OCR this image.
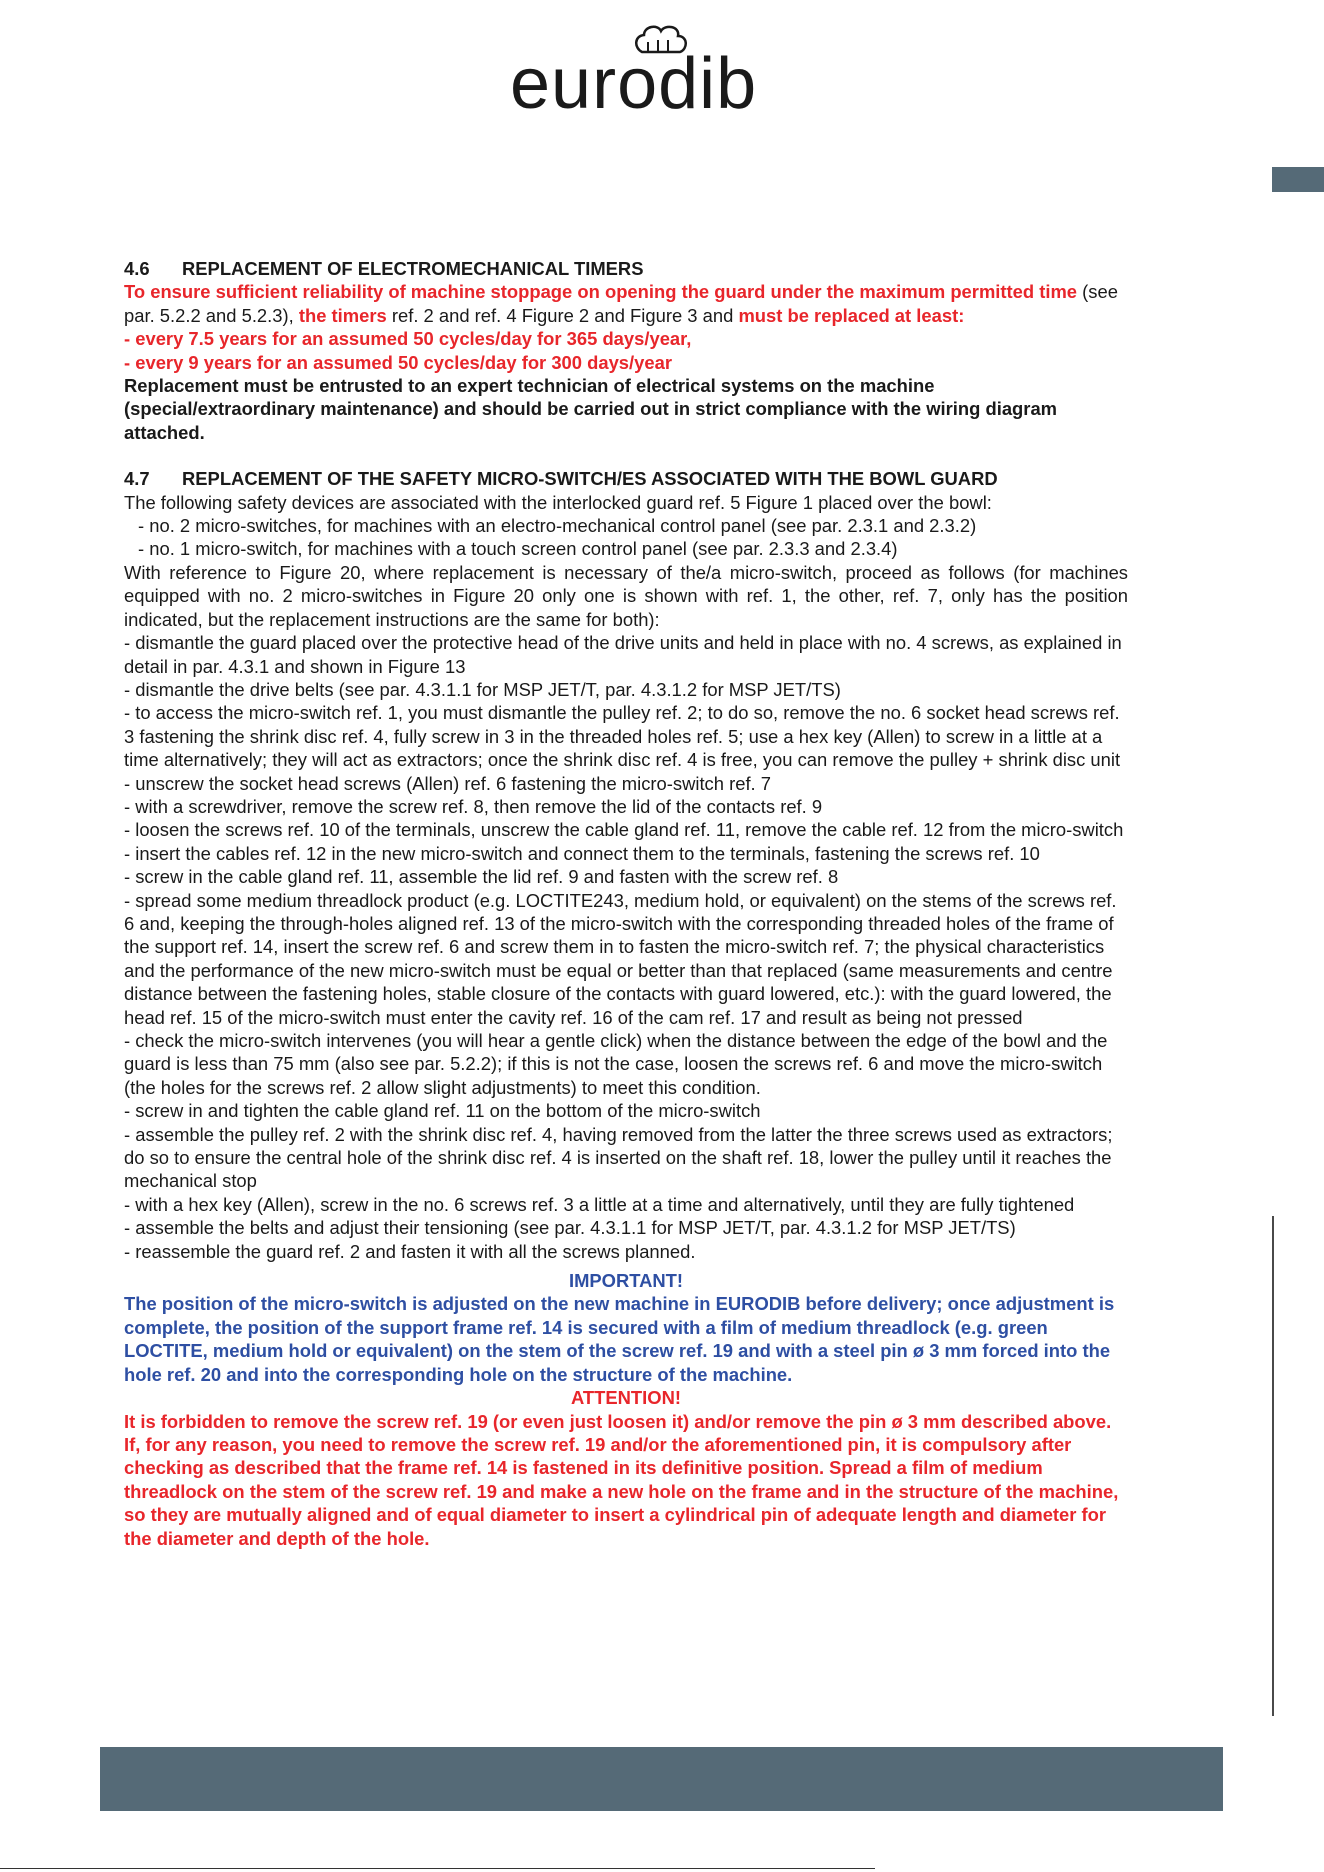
eurodib

4.6 REPLACEMENT OF ELECTROMECHANICAL TIMERS

To ensure sufficient reliability of machine stoppage on opening the guard under the maximum permitted time (see par. 5.2.2 and 5.2.3), the timers ref. 2 and ref. 4 Figure 2 and Figure 3 and must be replaced at least:

- every 7.5 years for an assumed 50 cycles/day for 365 days/year,

- every 9 years for an assumed 50 cycles/day for 300 days/year

Replacement must be entrusted to an expert technician of electrical systems on the machine (special/extraordinary maintenance) and should be carried out in strict compliance with the wiring diagram attached.

4.7 REPLACEMENT OF THE SAFETY MICRO-SWITCH/ES ASSOCIATED WITH THE BOWL GUARD

The following safety devices are associated with the interlocked guard ref. 5 Figure 1 placed over the bowl:

- no. 2 micro-switches, for machines with an electro-mechanical control panel (see par. 2.3.1 and 2.3.2)

- no. 1 micro-switch, for machines with a touch screen control panel (see par. 2.3.3 and 2.3.4)

With reference to Figure 20, where replacement is necessary of the/a micro-switch, proceed as follows (for machines equipped with no. 2 micro-switches in Figure 20 only one is shown with ref. 1, the other, ref. 7, only has the position indicated, but the replacement instructions are the same for both):

- dismantle the guard placed over the protective head of the drive units and held in place with no. 4 screws, as explained in detail in par. 4.3.1 and shown in Figure 13

- dismantle the drive belts (see par. 4.3.1.1 for MSP JET/T, par. 4.3.1.2 for MSP JET/TS)

- to access the micro-switch ref. 1, you must dismantle the pulley ref. 2; to do so, remove the no. 6 socket head screws ref. 3 fastening the shrink disc ref. 4, fully screw in 3 in the threaded holes ref. 5; use a hex key (Allen) to screw in a little at a time alternatively; they will act as extractors; once the shrink disc ref. 4 is free, you can remove the pulley + shrink disc unit

- unscrew the socket head screws (Allen) ref. 6 fastening the micro-switch ref. 7

- with a screwdriver, remove the screw ref. 8, then remove the lid of the contacts ref. 9

- loosen the screws ref. 10 of the terminals, unscrew the cable gland ref. 11, remove the cable ref. 12 from the micro-switch

- insert the cables ref. 12 in the new micro-switch and connect them to the terminals, fastening the screws ref. 10

- screw in the cable gland ref. 11, assemble the lid ref. 9 and fasten with the screw ref. 8

- spread some medium threadlock product (e.g. LOCTITE243, medium hold, or equivalent) on the stems of the screws ref. 6 and, keeping the through-holes aligned ref. 13 of the micro-switch with the corresponding threaded holes of the frame of the support ref. 14, insert the screw ref. 6 and screw them in to fasten the micro-switch ref. 7; the physical characteristics and the performance of the new micro-switch must be equal or better than that replaced (same measurements and centre distance between the fastening holes, stable closure of the contacts with guard lowered, etc.): with the guard lowered, the head ref. 15 of the micro-switch must enter the cavity ref. 16 of the cam ref. 17 and result as being not pressed

- check the micro-switch intervenes (you will hear a gentle click) when the distance between the edge of the bowl and the guard is less than 75 mm (also see par. 5.2.2); if this is not the case, loosen the screws ref. 6 and move the micro-switch (the holes for the screws ref. 2 allow slight adjustments) to meet this condition.

- screw in and tighten the cable gland ref. 11 on the bottom of the micro-switch

- assemble the pulley ref. 2 with the shrink disc ref. 4, having removed from the latter the three screws used as extractors; do so to ensure the central hole of the shrink disc ref. 4 is inserted on the shaft ref. 18, lower the pulley until it reaches the mechanical stop

- with a hex key (Allen), screw in the no. 6 screws ref. 3 a little at a time and alternatively, until they are fully tightened

- assemble the belts and adjust their tensioning (see par. 4.3.1.1 for MSP JET/T, par. 4.3.1.2 for MSP JET/TS)

- reassemble the guard ref. 2 and fasten it with all the screws planned.

IMPORTANT!

The position of the micro-switch is adjusted on the new machine in EURODIB before delivery; once adjustment is complete, the position of the support frame ref. 14 is secured with a film of medium threadlock (e.g. green LOCTITE, medium hold or equivalent) on the stem of the screw ref. 19 and with a steel pin ø 3 mm forced into the hole ref. 20 and into the corresponding hole on the structure of the machine.

ATTENTION!

It is forbidden to remove the screw ref. 19 (or even just loosen it) and/or remove the pin ø 3 mm described above. If, for any reason, you need to remove the screw ref. 19 and/or the aforementioned pin, it is compulsory after checking as described that the frame ref. 14 is fastened in its definitive position. Spread a film of medium threadlock on the stem of the screw ref. 19 and make a new hole on the frame and in the structure of the machine, so they are mutually aligned and of equal diameter to insert a cylindrical pin of adequate length and diameter for the diameter and depth of the hole.
